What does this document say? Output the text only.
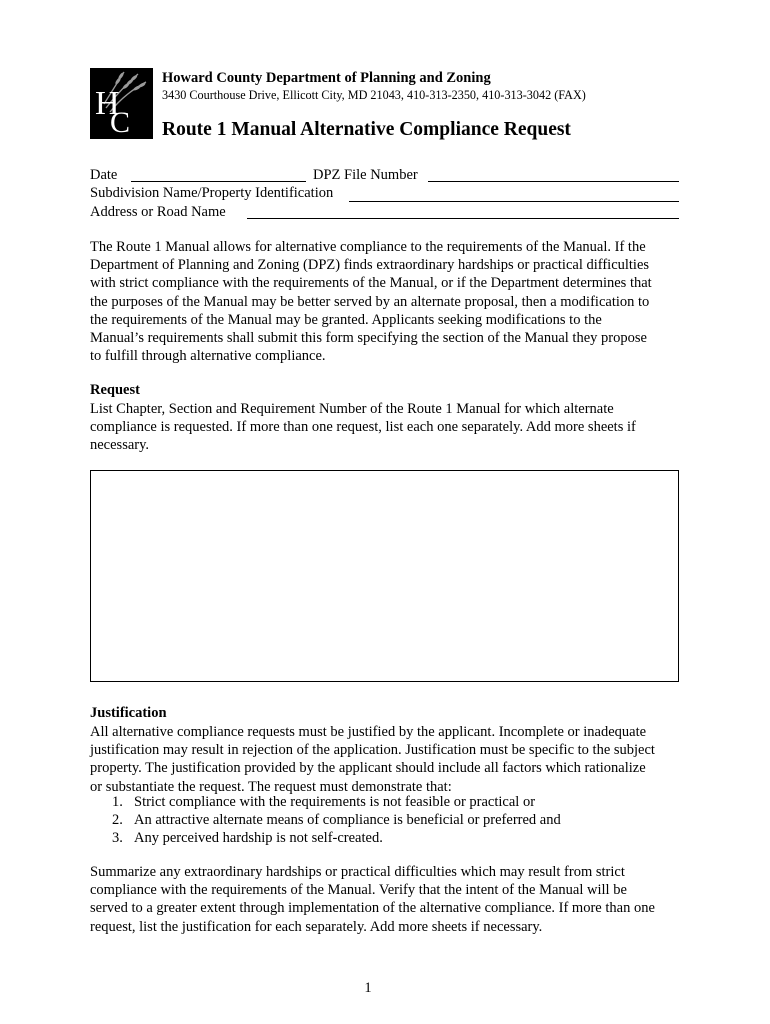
H
C
Howard County Department of Planning and Zoning
3430 Courthouse Drive, Ellicott City, MD 21043, 410-313-2350, 410-313-3042 (FAX)
Route 1 Manual Alternative Compliance Request
Date	DPZ File Number
Subdivision Name/Property Identification
Address or Road Name
The Route 1 Manual allows for alternative compliance to the requirements of the Manual. If the
Department of Planning and Zoning (DPZ) finds extraordinary hardships or practical difficulties
with strict compliance with the requirements of the Manual, or if the Department determines that
the purposes of the Manual may be better served by an alternate proposal, then a modification to
the requirements of the Manual may be granted. Applicants seeking modifications to the
Manual’s requirements shall submit this form specifying the section of the Manual they propose
to fulfill through alternative compliance.
Request
List Chapter, Section and Requirement Number of the Route 1 Manual for which alternate
compliance is requested. If more than one request, list each one separately. Add more sheets if
necessary.
Justification
All alternative compliance requests must be justified by the applicant. Incomplete or inadequate
justification may result in rejection of the application. Justification must be specific to the subject
property. The justification provided by the applicant should include all factors which rationalize
or substantiate the request. The request must demonstrate that:
1. Strict compliance with the requirements is not feasible or practical or
2. An attractive alternate means of compliance is beneficial or preferred and
3. Any perceived hardship is not self-created.
Summarize any extraordinary hardships or practical difficulties which may result from strict
compliance with the requirements of the Manual. Verify that the intent of the Manual will be
served to a greater extent through implementation of the alternative compliance. If more than one
request, list the justification for each separately. Add more sheets if necessary.
1
